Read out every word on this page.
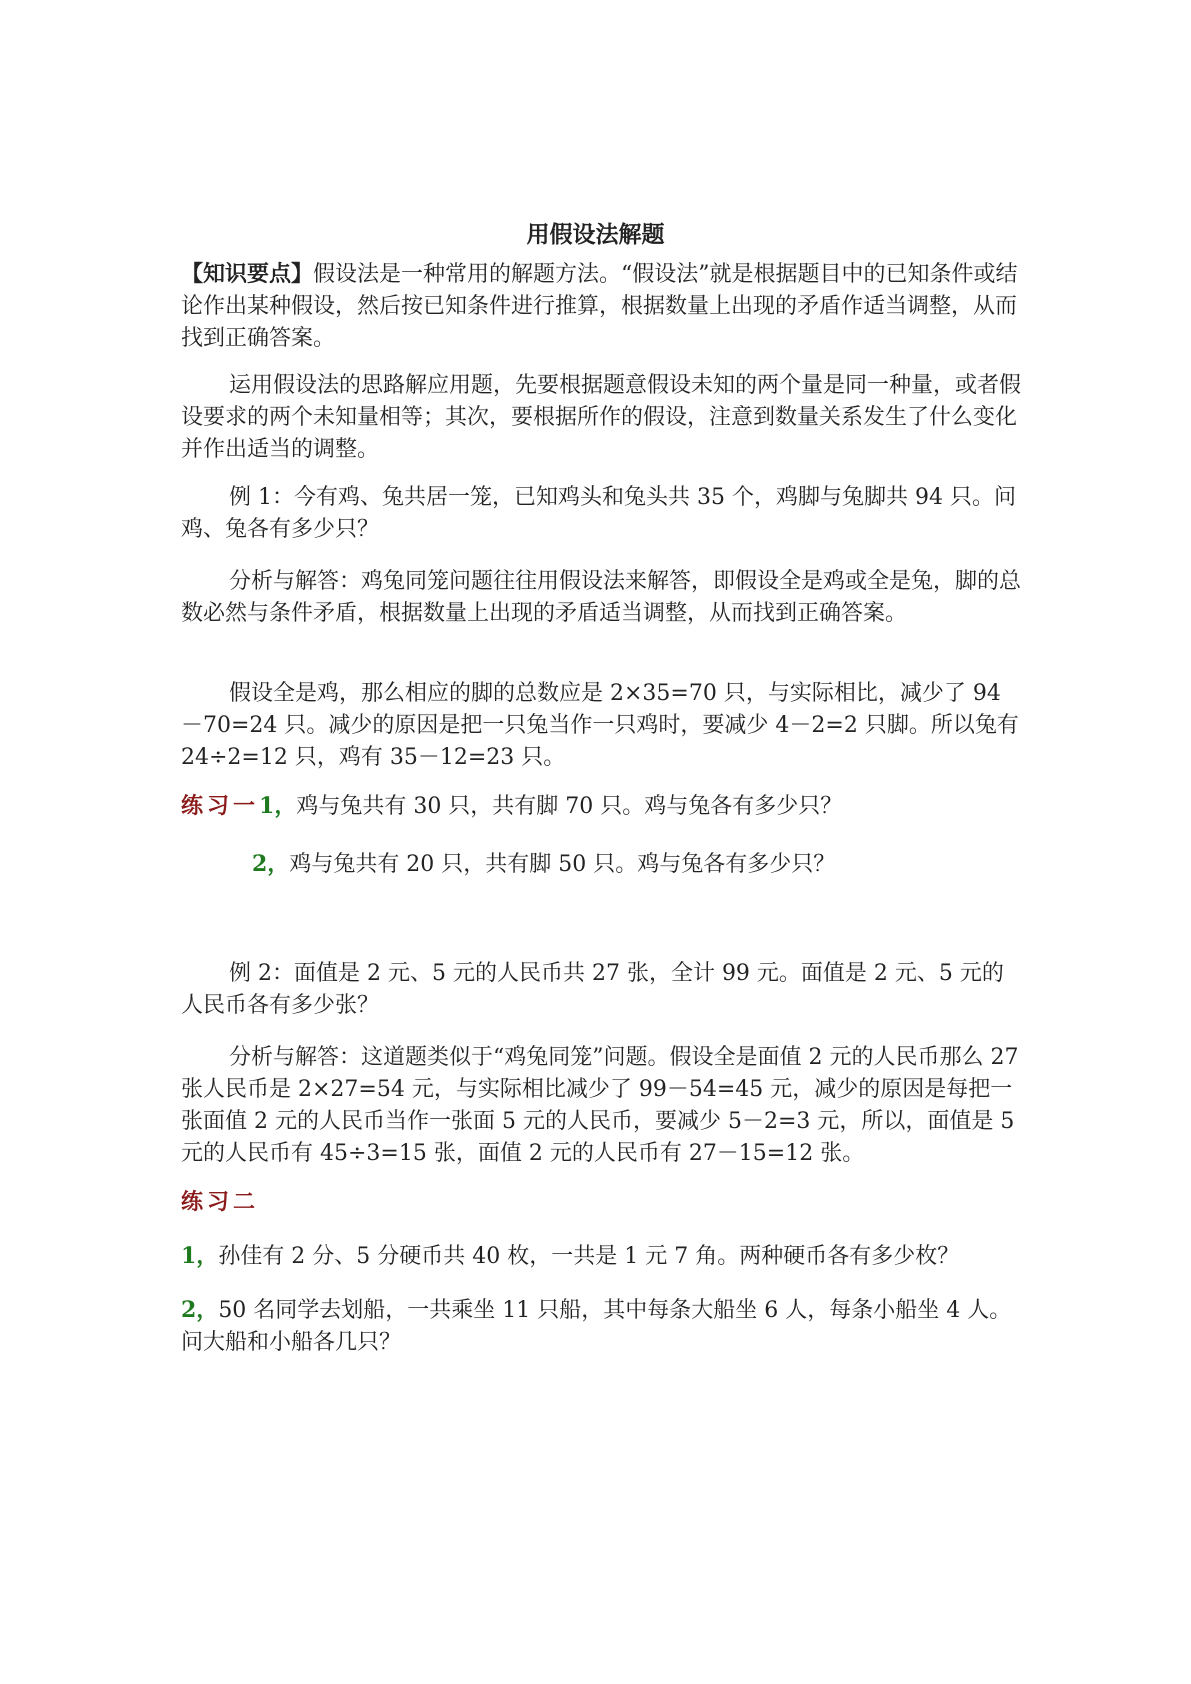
用假设法解题

【知识要点】假设法是一种常用的解题方法。“假设法”就是根据题目中的已知条件或结论作出某种假设，然后按已知条件进行推算，根据数量上出现的矛盾作适当调整，从而找到正确答案。

运用假设法的思路解应用题，先要根据题意假设未知的两个量是同一种量，或者假设要求的两个未知量相等；其次，要根据所作的假设，注意到数量关系发生了什么变化并作出适当的调整。

例 1：今有鸡、兔共居一笼，已知鸡头和兔头共 35 个，鸡脚与兔脚共 94 只。问鸡、兔各有多少只？

分析与解答：鸡兔同笼问题往往用假设法来解答，即假设全是鸡或全是兔，脚的总数必然与条件矛盾，根据数量上出现的矛盾适当调整，从而找到正确答案。

假设全是鸡，那么相应的脚的总数应是 2×35=70 只，与实际相比，减少了 94－70=24 只。减少的原因是把一只兔当作一只鸡时，要减少 4－2=2 只脚。所以兔有 24÷2=12 只，鸡有 35－12=23 只。

练习一1，鸡与兔共有 30 只，共有脚 70 只。鸡与兔各有多少只？

2，鸡与兔共有 20 只，共有脚 50 只。鸡与兔各有多少只？

例 2：面值是 2 元、5 元的人民币共 27 张，全计 99 元。面值是 2 元、5 元的人民币各有多少张？

分析与解答：这道题类似于“鸡兔同笼”问题。假设全是面值 2 元的人民币那么 27 张人民币是 2×27=54 元，与实际相比减少了 99－54=45 元，减少的原因是每把一张面值 2 元的人民币当作一张面 5 元的人民币，要减少 5－2=3 元，所以，面值是 5 元的人民币有 45÷3=15 张，面值 2 元的人民币有 27－15=12 张。

练习二

1，孙佳有 2 分、5 分硬币共 40 枚，一共是 1 元 7 角。两种硬币各有多少枚？

2，50 名同学去划船，一共乘坐 11 只船，其中每条大船坐 6 人，每条小船坐 4 人。问大船和小船各几只？
